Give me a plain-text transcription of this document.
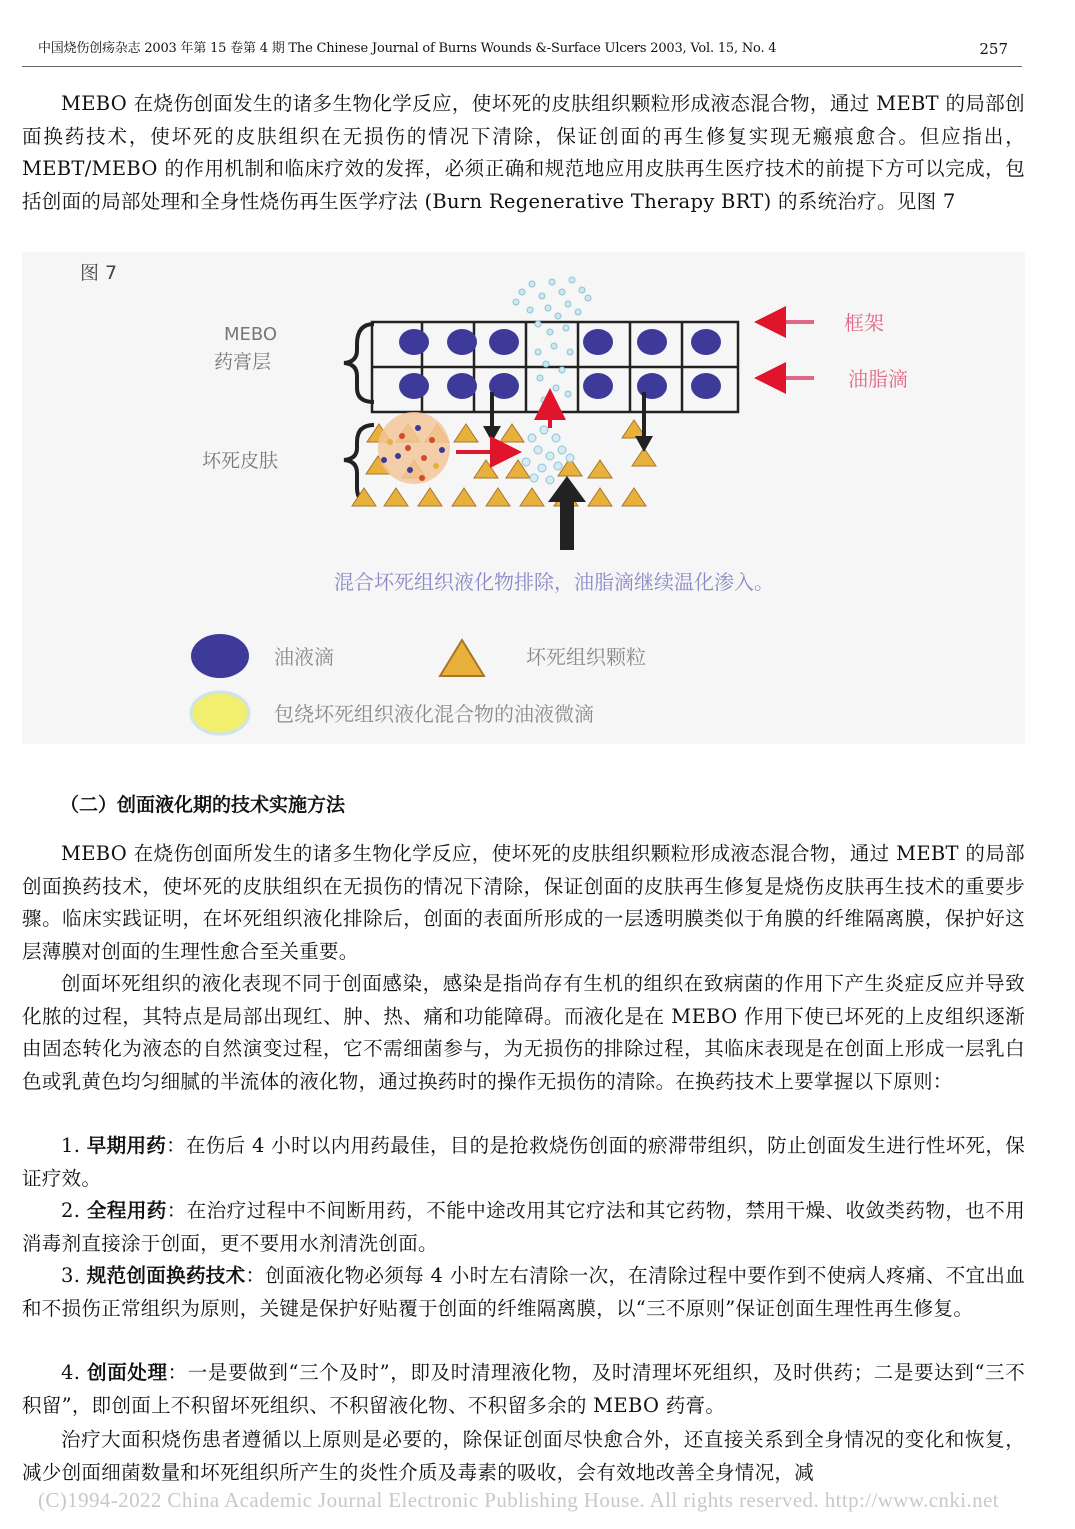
中国烧伤创疡杂志 2003 年第 15 卷第 4 期 The Chinese Journal of Burns Wounds &-Surface Ulcers 2003, Vol. 15, No. 4	257
MEBO 在烧伤创面发生的诸多生物化学反应，使坏死的皮肤组织颗粒形成液态混合物，通过 MEBT 的局部创面换药技术，使坏死的皮肤组织在无损伤的情况下清除，保证创面的再生修复实现无瘢痕愈合。但应指出，MEBT/MEBO 的作用机制和临床疗效的发挥，必须正确和规范地应用皮肤再生医疗技术的前提下方可以完成，包括创面的局部处理和全身性烧伤再生医学疗法 (Burn Regenerative Therapy BRT) 的系统治疗。见图 7
图 7
MEBO
药膏层
坏死皮肤
框架
油脂滴
混合坏死组织液化物排除，油脂滴继续温化渗入。
油液滴	坏死组织颗粒
包绕坏死组织液化混合物的油液微滴
（二）创面液化期的技术实施方法
MEBO 在烧伤创面所发生的诸多生物化学反应，使坏死的皮肤组织颗粒形成液态混合物，通过 MEBT 的局部创面换药技术，使坏死的皮肤组织在无损伤的情况下清除，保证创面的皮肤再生修复是烧伤皮肤再生技术的重要步骤。临床实践证明，在坏死组织液化排除后，创面的表面所形成的一层透明膜类似于角膜的纤维隔离膜，保护好这层薄膜对创面的生理性愈合至关重要。
创面坏死组织的液化表现不同于创面感染，感染是指尚存有生机的组织在致病菌的作用下产生炎症反应并导致化脓的过程，其特点是局部出现红、肿、热、痛和功能障碍。而液化是在 MEBO 作用下使已坏死的上皮组织逐渐由固态转化为液态的自然演变过程，它不需细菌参与，为无损伤的排除过程，其临床表现是在创面上形成一层乳白色或乳黄色均匀细腻的半流体的液化物，通过换药时的操作无损伤的清除。在换药技术上要掌握以下原则：
1. 早期用药：在伤后 4 小时以内用药最佳，目的是抢救烧伤创面的瘀滞带组织，防止创面发生进行性坏死，保证疗效。
2. 全程用药：在治疗过程中不间断用药，不能中途改用其它疗法和其它药物，禁用干燥、收敛类药物，也不用消毒剂直接涂于创面，更不要用水剂清洗创面。
3. 规范创面换药技术：创面液化物必须每 4 小时左右清除一次，在清除过程中要作到不使病人疼痛、不宜出血和不损伤正常组织为原则，关键是保护好贴覆于创面的纤维隔离膜，以“三不原则”保证创面生理性再生修复。
4. 创面处理：一是要做到“三个及时”，即及时清理液化物，及时清理坏死组织，及时供药；二是要达到“三不积留”，即创面上不积留坏死组织、不积留液化物、不积留多余的 MEBO 药膏。
治疗大面积烧伤患者遵循以上原则是必要的，除保证创面尽快愈合外，还直接关系到全身情况的变化和恢复，减少创面细菌数量和坏死组织所产生的炎性介质及毒素的吸收，会有效地改善全身情况，减
(C)1994-2022 China Academic Journal Electronic Publishing House. All rights reserved. http://www.cnki.net
